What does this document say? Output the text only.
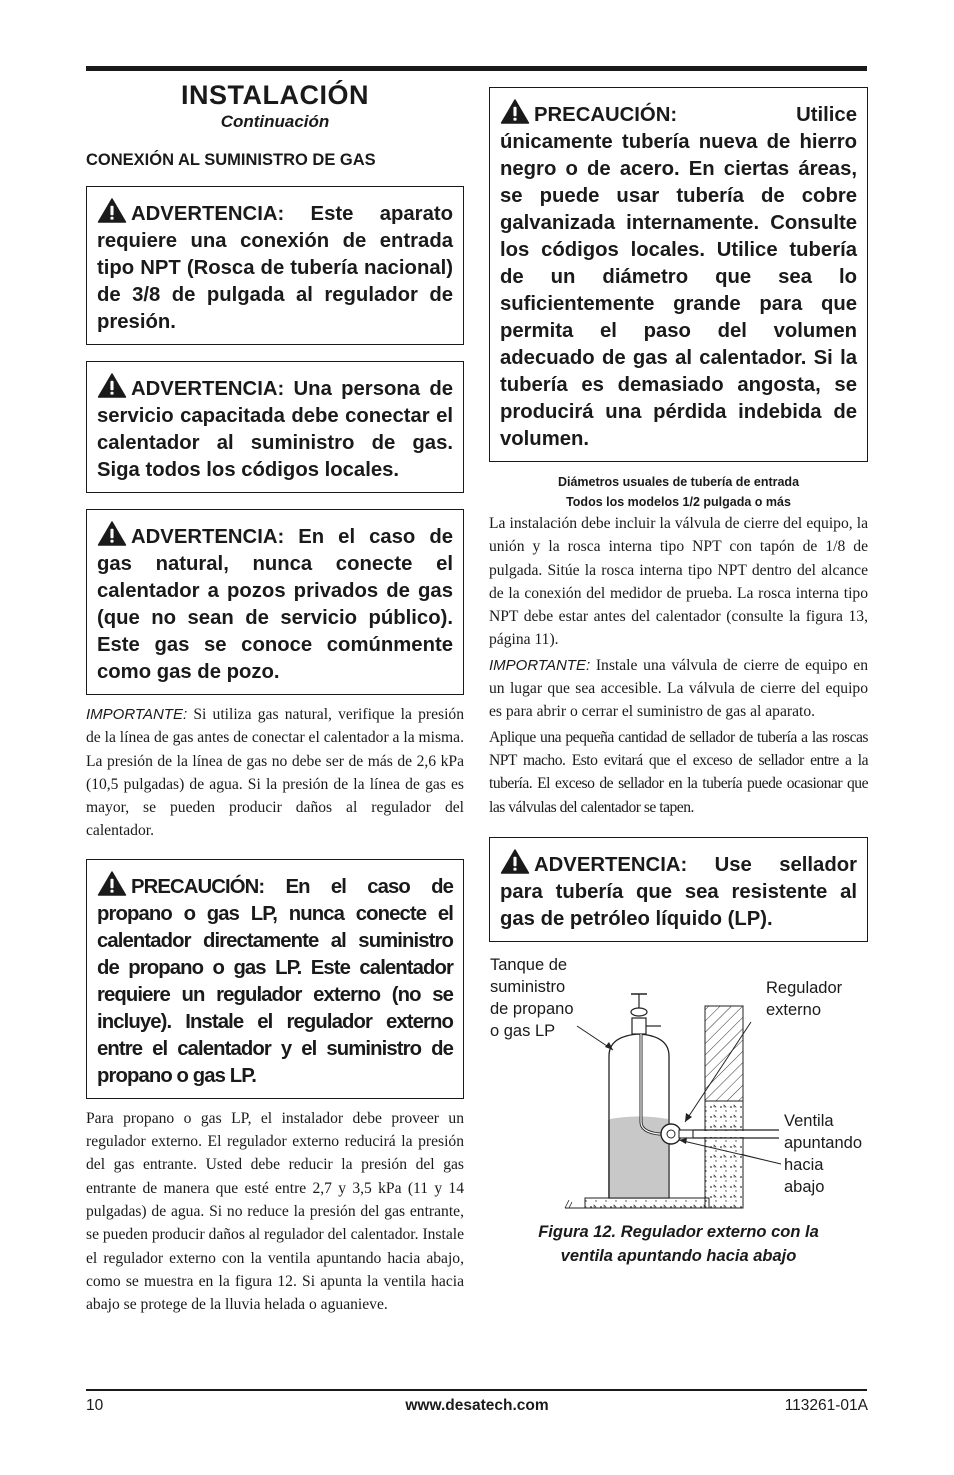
INSTALACIÓN
Continuación
CONEXIÓN AL SUMINISTRO DE GAS
ADVERTENCIA: Este aparato requiere una conexión de entrada tipo NPT (Rosca de tubería nacional) de 3/8 de pulgada al regulador de presión.
ADVERTENCIA: Una persona de servicio capacitada debe conectar el calentador al suministro de gas. Siga todos los códigos locales.
ADVERTENCIA: En el caso de gas natural, nunca conecte el calentador a pozos privados de gas (que no sean de servicio público). Este gas se conoce comúnmente como gas de pozo.

IMPORTANTE: Si utiliza gas natural, verifique la presión de la línea de gas antes de conectar el calentador a la misma. La presión de la línea de gas no debe ser de más de 2,6 kPa (10,5 pulgadas) de agua. Si la presión de la línea de gas es mayor, se pueden producir daños al regulador del calentador.

PRECAUCIÓN: En el caso de propano o gas LP, nunca conecte el calentador directamente al suministro de propano o gas LP. Este calentador requiere un regulador externo (no se incluye). Instale el regulador externo entre el calentador y el suministro de propano o gas LP.

Para propano o gas LP, el instalador debe proveer un regulador externo. El regulador externo reducirá la presión del gas entrante. Usted debe reducir la presión del gas entrante de manera que esté entre 2,7 y 3,5 kPa (11 y 14 pulgadas) de agua. Si no reduce la presión del gas entrante, se pueden producir daños al regulador del calentador. Instale el regulador externo con la ventila apuntando hacia abajo, como se muestra en la figura 12. Si apunta la ventila hacia abajo se protege de la lluvia helada o aguanieve.

PRECAUCIÓN: Utilice únicamente tubería nueva de hierro negro o de acero. En ciertas áreas, se puede usar tubería de cobre galvanizada internamente. Consulte los códigos locales. Utilice tubería de un diámetro que sea lo suficientemente grande para que permita el paso del volumen adecuado de gas al calentador. Si la tubería es demasiado angosta, se producirá una pérdida indebida de volumen.
Diámetros usuales de tubería de entrada
Todos los modelos 1/2 pulgada o más

La instalación debe incluir la válvula de cierre del equipo, la unión y la rosca interna tipo NPT con tapón de 1/8 de pulgada. Sitúe la rosca interna tipo NPT dentro del alcance de la conexión del medidor de prueba. La rosca interna tipo NPT debe estar antes del calentador (consulte la figura 13, página 11).

IMPORTANTE: Instale una válvula de cierre de equipo en un lugar que sea accesible. La válvula de cierre del equipo es para abrir o cerrar el suministro de gas al aparato.

Aplique una pequeña cantidad de sellador de tubería a las roscas NPT macho. Esto evitará que el exceso de sellador entre a la tubería. El exceso de sellador en la tubería puede ocasionar que las válvulas del calentador se tapen.

ADVERTENCIA: Use sellador para tubería que sea resistente al gas de petróleo líquido (LP).
Tanque de
suministro
de propano
o gas LP
Regulador
externo
Ventila
apuntando
hacia
abajo
Figura 12. Regulador externo con la
ventila apuntando hacia abajo
10	www.desatech.com	113261-01A
